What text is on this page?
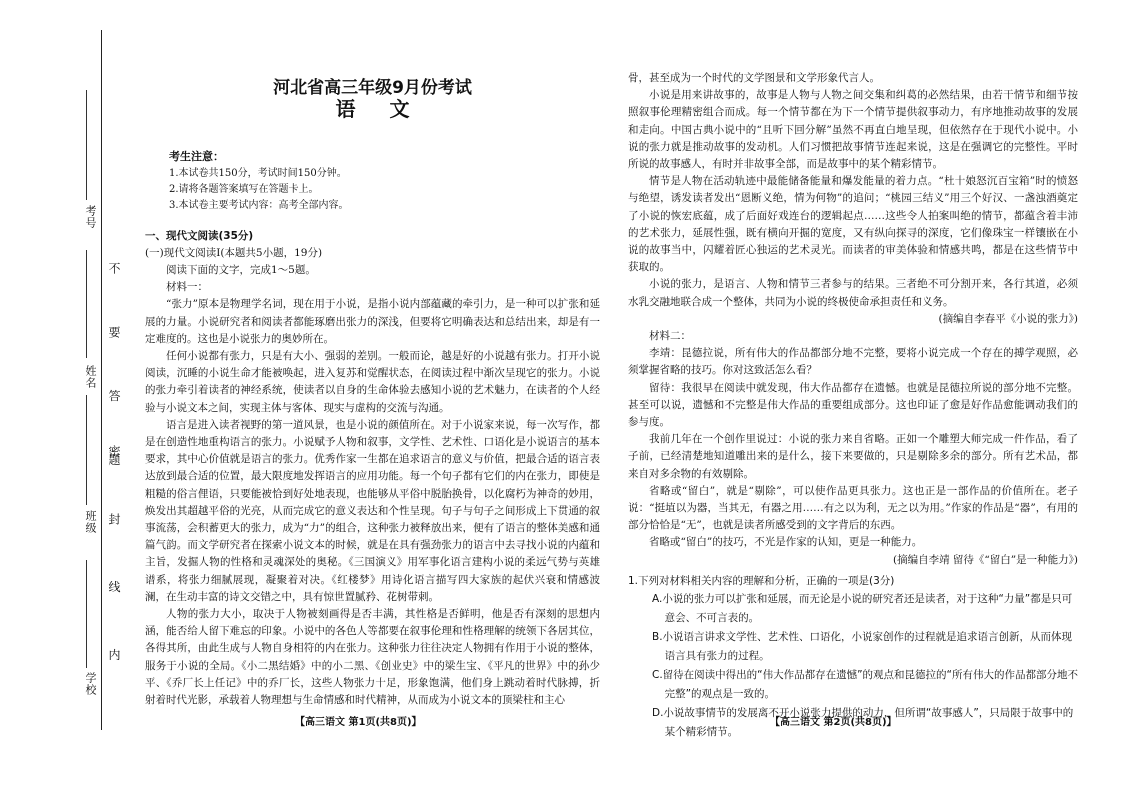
考号
姓名
班级
学校
不 要 答 题
密 封 线 内
河北省高三年级9月份考试
语文
考生注意：
1.本试卷共150分，考试时间150分钟。
2.请将各题答案填写在答题卡上。
3.本试卷主要考试内容：高考全部内容。
一、现代文阅读(35分)

(一)现代文阅读Ⅰ(本题共5小题，19分)

阅读下面的文字，完成1～5题。

材料一：

“张力”原本是物理学名词，现在用于小说，是指小说内部蕴藏的牵引力，是一种可以扩张和延展的力量。小说研究者和阅读者都能琢磨出张力的深浅，但要将它明确表达和总结出来，却是有一定难度的。这也是小说张力的奥妙所在。

任何小说都有张力，只是有大小、强弱的差别。一般而论，越是好的小说越有张力。打开小说阅读，沉睡的小说生命才能被唤起，进入复苏和觉醒状态，在阅读过程中渐次呈现它的张力。小说的张力牵引着读者的神经系统，使读者以自身的生命体验去感知小说的艺术魅力，在读者的个人经验与小说文本之间，实现主体与客体、现实与虚构的交流与沟通。

语言是进入读者视野的第一道风景，也是小说的颜值所在。对于小说家来说，每一次写作，都是在创造性地重构语言的张力。小说赋予人物和叙事，文学性、艺术性、口语化是小说语言的基本要求，其中心价值就是语言的张力。优秀作家一生都在追求语言的意义与价值，把最合适的语言表达放到最合适的位置，最大限度地发挥语言的应用功能。每一个句子都有它们的内在张力，即使是粗糙的俗言俚语，只要能被恰到好处地表现，也能够从平俗中脱胎换骨，以化腐朽为神奇的妙用，焕发出其超越平俗的光亮，从而完成它的意义表达和个性呈现。句子与句子之间形成上下贯通的叙事流荡，会积蓄更大的张力，成为“力”的组合，这种张力被释放出来，便有了语言的整体美感和通篇气韵。而文学研究者在探索小说文本的时候，就是在具有强劲张力的语言中去寻找小说的内蕴和主旨，发掘人物的性格和灵魂深处的奥秘。《三国演义》用军事化语言建构小说的柔远气势与英雄谱系，将张力细腻展现，凝聚着对决。《红楼梦》用诗化语言描写四大家族的起伏兴衰和情感波澜，在生动丰富的诗文交错之中，具有惊世置腻矜、花树带刺。

人物的张力大小，取决于人物被刻画得是否丰满，其性格是否鲜明，他是否有深刻的思想内涵，能否给人留下难忘的印象。小说中的各色人等都要在叙事伦理和性格理解的统领下各居其位，各得其所，由此生成与人物自身相符的内在张力。这种张力往往决定人物拥有作用于小说的整体，服务于小说的全局。《小二黑结婚》中的小二黑、《创业史》中的梁生宝、《平凡的世界》中的孙少平、《乔厂长上任记》中的乔厂长，这些人物张力十足，形象饱满，他们身上跳动着时代脉搏，折射着时代光影，承载着人物理想与生命情感和时代精神，从而成为小说文本的顶梁柱和主心

骨，甚至成为一个时代的文学图景和文学形象代言人。

小说是用来讲故事的，故事是人物与人物之间交集和纠葛的必然结果，由若干情节和细节按照叙事伦理精密组合而成。每一个情节都在为下一个情节提供叙事动力，有序地推动故事的发展和走向。中国古典小说中的“且听下回分解”虽然不再直白地呈现，但依然存在于现代小说中。小说的张力就是推动故事的发动机。人们习惯把故事情节连起来说，这是在强调它的完整性。平时所说的故事感人，有时并非故事全部，而是故事中的某个精彩情节。

情节是人物在活动轨迹中最能储备能量和爆发能量的着力点。“杜十娘怒沉百宝箱”时的愤怒与绝望，诱发读者发出“恩断义绝，情为何物”的追问；“桃园三结义”用三个好汉、一盏浊酒奠定了小说的恢宏底蕴，成了后面好戏连台的逻辑起点……这些令人拍案叫绝的情节，都蕴含着丰沛的艺术张力，延展性强，既有横向开掘的宽度，又有纵向探寻的深度，它们像珠宝一样镶嵌在小说的故事当中，闪耀着匠心独运的艺术灵光。而读者的审美体验和情感共鸣，都是在这些情节中获取的。

小说的张力，是语言、人物和情节三者参与的结果。三者绝不可分割开来，各行其道，必须水乳交融地联合成一个整体，共同为小说的终极使命承担责任和义务。

(摘编自李春平《小说的张力》)

材料二：

李靖：昆德拉说，所有伟大的作品都部分地不完整，要将小说完成一个存在的搏学观照，必须掌握省略的技巧。你对这致活怎么看？

留待：我很早在阅读中就发现，伟大作品都存在遗憾。也就是昆德拉所说的部分地不完整。甚至可以说，遗憾和不完整是伟大作品的重要组成部分。这也印证了愈是好作品愈能调动我们的参与度。

我前几年在一个创作里说过：小说的张力来自省略。正如一个雕塑大师完成一件作品，看了子前，已经清楚地知道雕出来的是什么，接下来要做的，只是剔除多余的部分。所有艺术品，都来自对多余物的有效剔除。

省略或“留白”，就是“剔除”，可以使作品更具张力。这也正是一部作品的价值所在。老子说：“挺埴以为器，当其无，有器之用……有之以为利，无之以为用。”作家的作品是“器”，有用的部分恰恰是“无”，也就是读者所感受到的文字背后的东西。

省略或“留白”的技巧，不光是作家的认知，更是一种能力。

(摘编自李靖 留待《“留白”是一种能力》)

1.下列对材料相关内容的理解和分析，正确的一项是(3分)

A.小说的张力可以扩张和延展，而无论是小说的研究者还是读者，对于这种“力量”都是只可意会、不可言表的。

B.小说语言讲求文学性、艺术性、口语化，小说家创作的过程就是追求语言创新，从而体现语言具有张力的过程。

C.留待在阅读中得出的“伟大作品都存在遗憾”的观点和昆德拉的“所有伟大的作品都部分地不完整”的观点是一致的。

D.小说故事情节的发展离不开小说张力提供的动力，但所谓“故事感人”，只局限于故事中的某个精彩情节。

【高三语文 第1页(共8页)】	【高三语文 第2页(共8页)】
